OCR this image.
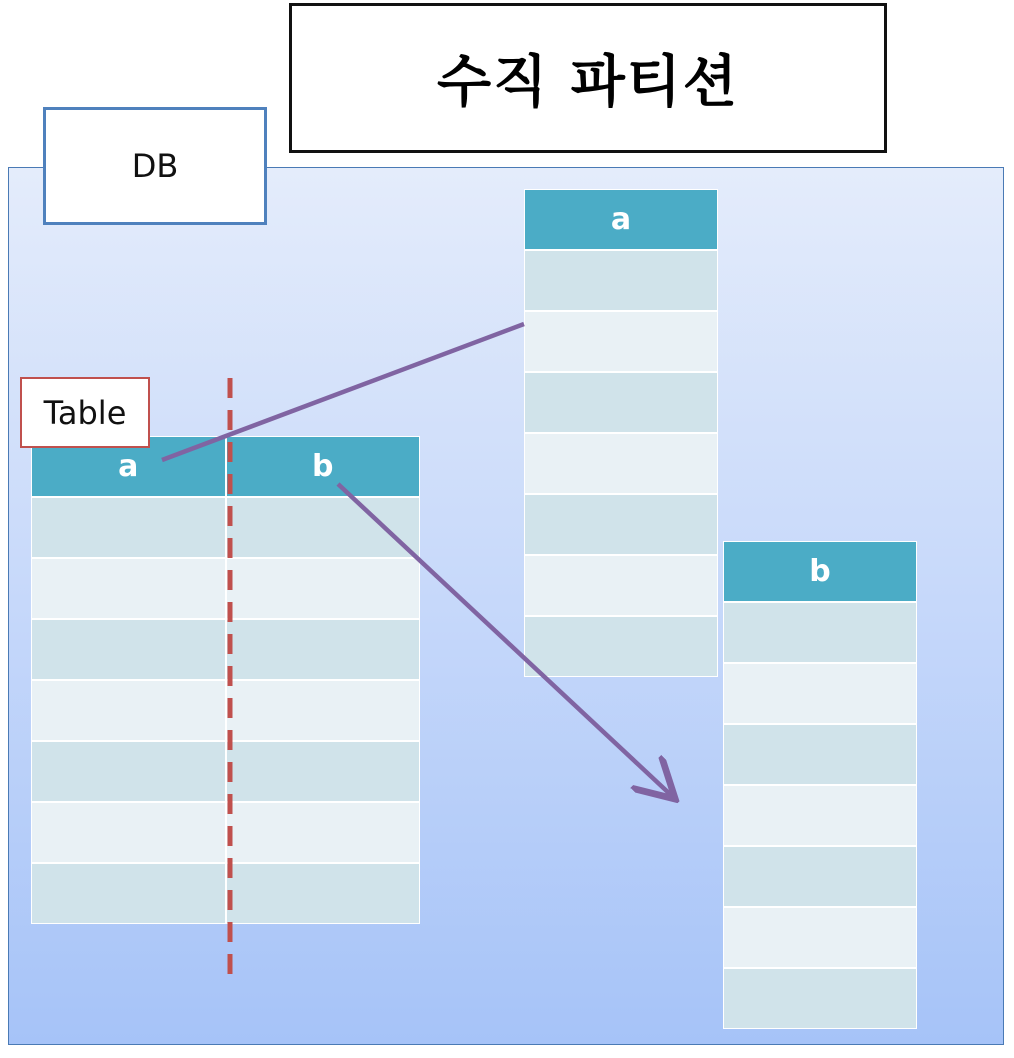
수직 파티션
DB
a	b
a
b
Table
